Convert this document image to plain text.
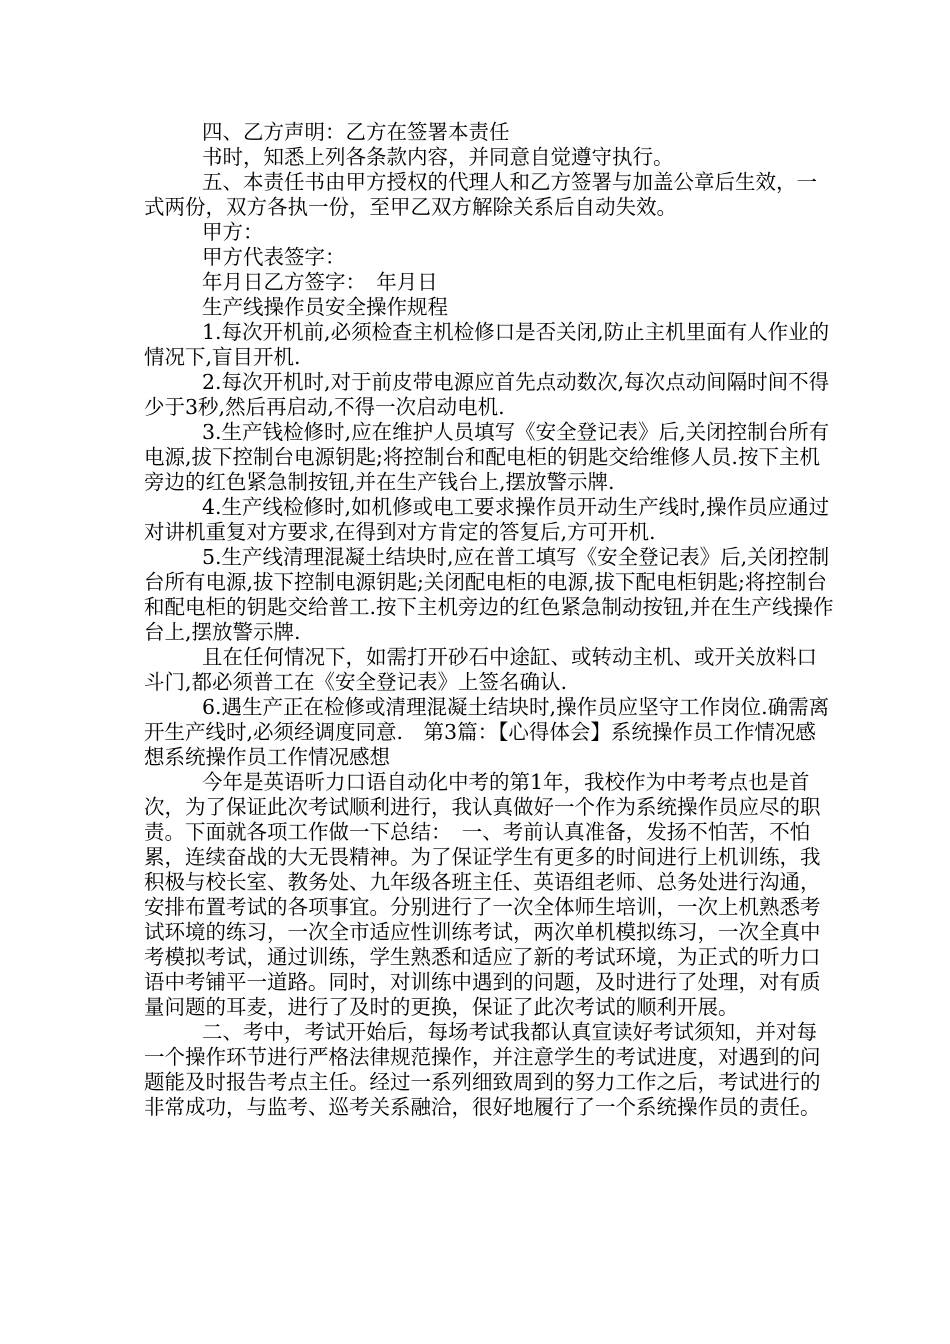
四、乙方声明：乙方在签署本责任

书时，知悉上列各条款内容，并同意自觉遵守执行。

五、本责任书由甲方授权的代理人和乙方签署与加盖公章后生效，一式两份，双方各执一份，至甲乙双方解除关系后自动失效。

甲方：

甲方代表签字：

年月日乙方签字：　年月日

生产线操作员安全操作规程

1.每次开机前,必须检查主机检修口是否关闭,防止主机里面有人作业的情况下,盲目开机.

2.每次开机时,对于前皮带电源应首先点动数次,每次点动间隔时间不得少于3秒,然后再启动,不得一次启动电机.

3.生产钱检修时,应在维护人员填写《安全登记表》后,关闭控制台所有电源,拔下控制台电源钥匙;将控制台和配电柜的钥匙交给维修人员.按下主机旁边的红色紧急制按钮,并在生产钱台上,摆放警示牌.

4.生产线检修时,如机修或电工要求操作员开动生产线时,操作员应通过对讲机重复对方要求,在得到对方肯定的答复后,方可开机.

5.生产线清理混凝土结块时,应在普工填写《安全登记表》后,关闭控制台所有电源,拔下控制电源钥匙;关闭配电柜的电源,拔下配电柜钥匙;将控制台和配电柜的钥匙交给普工.按下主机旁边的红色紧急制动按钮,并在生产线操作台上,摆放警示牌.

且在任何情况下，如需打开砂石中途缸、或转动主机、或开关放料口斗门,都必须普工在《安全登记表》上签名确认.

6.遇生产正在检修或清理混凝土结块时,操作员应坚守工作岗位.确需离开生产线时,必须经调度同意.　第3篇：【心得体会】系统操作员工作情况感想系统操作员工作情况感想

今年是英语听力口语自动化中考的第1年，我校作为中考考点也是首次，为了保证此次考试顺利进行，我认真做好一个作为系统操作员应尽的职责。下面就各项工作做一下总结：　一、考前认真准备，发扬不怕苦，不怕累，连续奋战的大无畏精神。为了保证学生有更多的时间进行上机训练，我积极与校长室、教务处、九年级各班主任、英语组老师、总务处进行沟通，安排布置考试的各项事宜。分别进行了一次全体师生培训，一次上机熟悉考试环境的练习，一次全市适应性训练考试，两次单机模拟练习，一次全真中考模拟考试，通过训练，学生熟悉和适应了新的考试环境，为正式的听力口语中考铺平一道路。同时，对训练中遇到的问题，及时进行了处理，对有质量问题的耳麦，进行了及时的更换，保证了此次考试的顺利开展。

二、考中，考试开始后，每场考试我都认真宣读好考试须知，并对每一个操作环节进行严格法律规范操作，并注意学生的考试进度，对遇到的问题能及时报告考点主任。经过一系列细致周到的努力工作之后，考试进行的非常成功，与监考、巡考关系融洽，很好地履行了一个系统操作员的责任。
